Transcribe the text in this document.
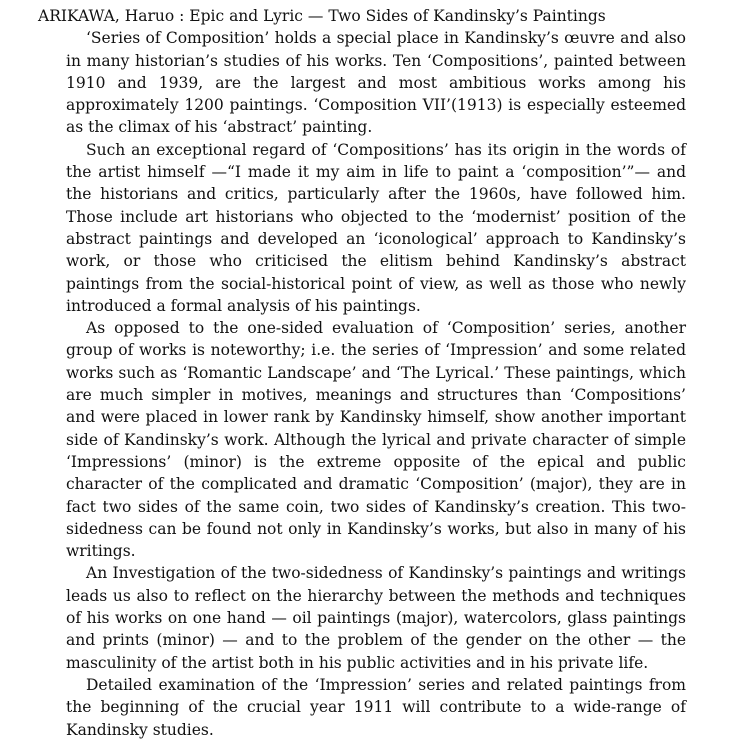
ARIKAWA, Haruo : Epic and Lyric — Two Sides of Kandinsky’s Paintings

‘Series of Composition’ holds a special place in Kandinsky’s œuvre and also in many historian’s studies of his works. Ten ‘Compositions’, painted between 1910 and 1939, are the largest and most ambitious works among his approximately 1200 paintings. ‘Composition VII’(1913) is especially esteemed as the climax of his ‘abstract’ painting.

Such an exceptional regard of ‘Compositions’ has its origin in the words of the artist himself —“I made it my aim in life to paint a ‘composition’”— and the historians and critics, particularly after the 1960s, have followed him. Those include art historians who objected to the ‘modernist’ position of the abstract paintings and developed an ‘iconological’ approach to Kandinsky’s work, or those who criticised the elitism behind Kandinsky’s abstract paintings from the social-historical point of view, as well as those who newly introduced a formal analysis of his paintings.

As opposed to the one-sided evaluation of ‘Composition’ series, another group of works is noteworthy; i.e. the series of ‘Impression’ and some related works such as ‘Romantic Landscape’ and ‘The Lyrical.’ These paintings, which are much simpler in motives, meanings and structures than ‘Compositions’ and were placed in lower rank by Kandinsky himself, show another important side of Kandinsky’s work. Although the lyrical and private character of simple ‘Impressions’ (minor) is the extreme opposite of the epical and public character of the complicated and dramatic ‘Composition’ (major), they are in fact two sides of the same coin, two sides of Kandinsky’s creation. This two-sidedness can be found not only in Kandinsky’s works, but also in many of his writings.

An Investigation of the two-sidedness of Kandinsky’s paintings and writings leads us also to reflect on the hierarchy between the methods and techniques of his works on one hand — oil paintings (major), watercolors, glass paintings and prints (minor) — and to the problem of the gender on the other — the masculinity of the artist both in his public activities and in his private life.

Detailed examination of the ‘Impression’ series and related paintings from the beginning of the crucial year 1911 will contribute to a wide-range of Kandinsky studies.
